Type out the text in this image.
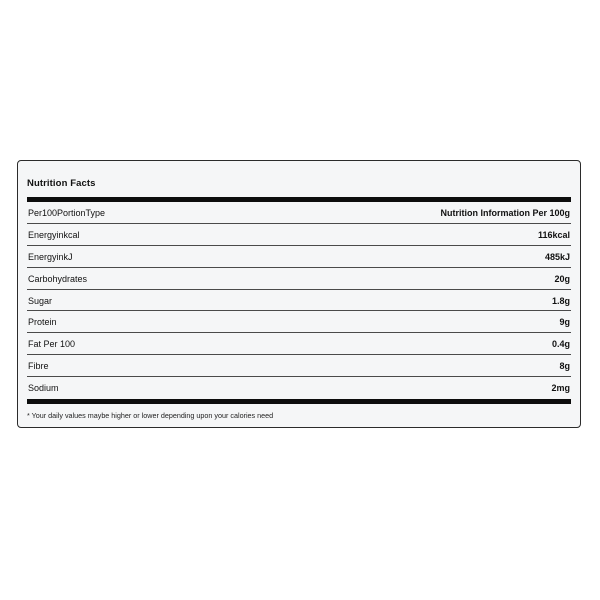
Nutrition Facts
Per100PortionType	Nutrition Information Per 100g
Energyinkcal	116kcal
EnergyinkJ	485kJ
Carbohydrates	20g
Sugar	1.8g
Protein	9g
Fat Per 100	0.4g
Fibre	8g
Sodium	2mg
* Your daily values maybe higher or lower depending upon your calories need
